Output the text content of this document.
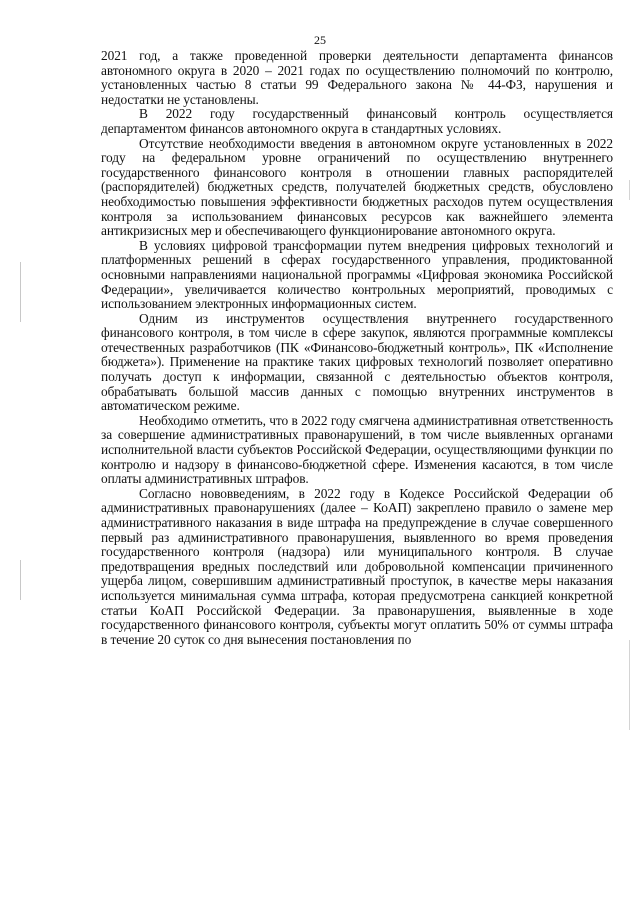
25

2021 год, а также проведенной проверки деятельности департамента финансов автономного округа в 2020 – 2021 годах по осуществлению полномочий по контролю, установленных частью 8 статьи 99 Федерального закона № 44-ФЗ, нарушения и недостатки не установлены.

В 2022 году государственный финансовый контроль осуществляется департаментом финансов автономного округа в стандартных условиях.

Отсутствие необходимости введения в автономном округе установленных в 2022 году на федеральном уровне ограничений по осуществлению внутреннего государственного финансового контроля в отношении главных распорядителей (распорядителей) бюджетных средств, получателей бюджетных средств, обусловлено необходимостью повышения эффективности бюджетных расходов путем осуществления контроля за использованием финансовых ресурсов как важнейшего элемента антикризисных мер и обеспечивающего функционирование автономного округа.

В условиях цифровой трансформации путем внедрения цифровых технологий и платформенных решений в сферах государственного управления, продиктованной основными направлениями национальной программы «Цифровая экономика Российской Федерации», увеличивается количество контрольных мероприятий, проводимых с использованием электронных информационных систем.

Одним из инструментов осуществления внутреннего государственного финансового контроля, в том числе в сфере закупок, являются программные комплексы отечественных разработчиков (ПК «Финансово-бюджетный контроль», ПК «Исполнение бюджета»). Применение на практике таких цифровых технологий позволяет оперативно получать доступ к информации, связанной с деятельностью объектов контроля, обрабатывать большой массив данных с помощью внутренних инструментов в автоматическом режиме.

Необходимо отметить, что в 2022 году смягчена административная ответственность за совершение административных правонарушений, в том числе выявленных органами исполнительной власти субъектов Российской Федерации, осуществляющими функции по контролю и надзору в финансово-бюджетной сфере. Изменения касаются, в том числе оплаты административных штрафов.

Согласно нововведениям, в 2022 году в Кодексе Российской Федерации об административных правонарушениях (далее – КоАП) закреплено правило о замене мер административного наказания в виде штрафа на предупреждение в случае совершенного первый раз административного правонарушения, выявленного во время проведения государственного контроля (надзора) или муниципального контроля. В случае предотвращения вредных последствий или добровольной компенсации причиненного ущерба лицом, совершившим административный проступок, в качестве меры наказания используется минимальная сумма штрафа, которая предусмотрена санкцией конкретной статьи КоАП Российской Федерации. За правонарушения, выявленные в ходе государственного финансового контроля, субъекты могут оплатить 50% от суммы штрафа в течение 20 суток со дня вынесения постановления по
